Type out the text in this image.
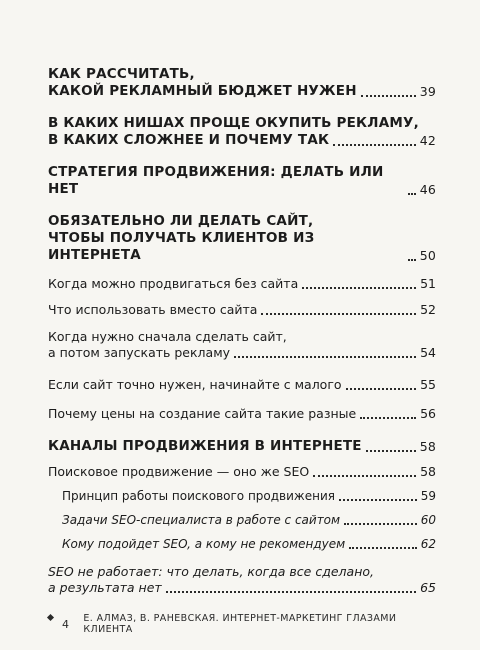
КАК РАССЧИТАТЬ,
КАКОЙ РЕКЛАМНЫЙ БЮДЖЕТ НУЖЕН	39
В КАКИХ НИШАХ ПРОЩЕ ОКУПИТЬ РЕКЛАМУ,
В КАКИХ СЛОЖНЕЕ И ПОЧЕМУ ТАК	42
СТРАТЕГИЯ ПРОДВИЖЕНИЯ: ДЕЛАТЬ ИЛИ НЕТ	46
ОБЯЗАТЕЛЬНО ЛИ ДЕЛАТЬ САЙТ,
ЧТОБЫ ПОЛУЧАТЬ КЛИЕНТОВ ИЗ ИНТЕРНЕТА	50
Когда можно продвигаться без сайта	51
Что использовать вместо сайта	52
Когда нужно сначала сделать сайт,
а потом запускать рекламу	54
Если сайт точно нужен, начинайте с малого	55
Почему цены на создание сайта такие разные	56
КАНАЛЫ ПРОДВИЖЕНИЯ В ИНТЕРНЕТЕ	58
Поисковое продвижение — оно же SEO	58
Принцип работы поискового продвижения	59
Задачи SEO-специалиста в работе с сайтом	60
Кому подойдет SEO, а кому не рекомендуем	62
SEO не работает: что делать, когда все сделано,
а результата нет	65
4 Е. АЛМАЗ, В. РАНЕВСКАЯ. ИНТЕРНЕТ-МАРКЕТИНГ ГЛАЗАМИ КЛИЕНТА
